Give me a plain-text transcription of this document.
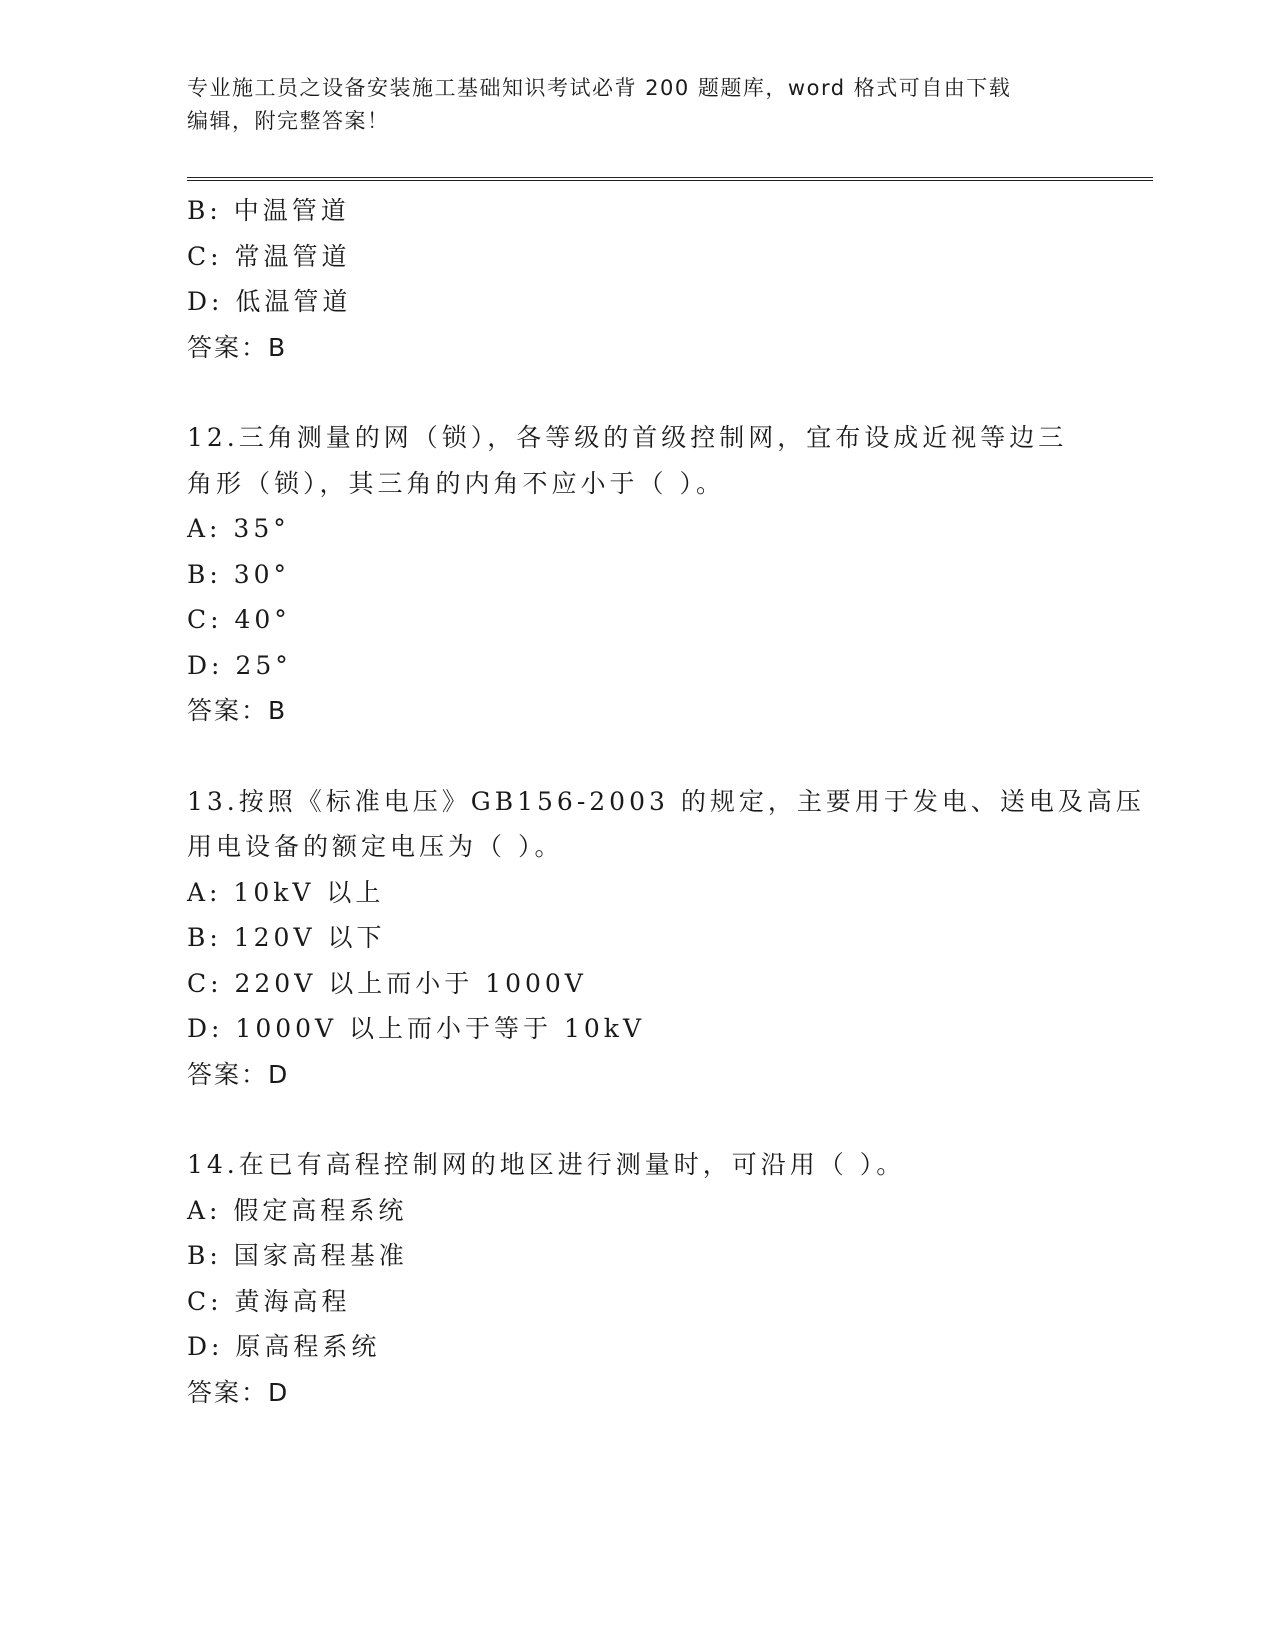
专业施工员之设备安装施工基础知识考试必背 200 题题库，word 格式可自由下载
编辑，附完整答案！
B: 中温管道
C: 常温管道
D: 低温管道
答案：B
12.三角测量的网（锁），各等级的首级控制网，宜布设成近视等边三
角形（锁），其三角的内角不应小于（ ）。
A: 35°
B: 30°
C: 40°
D: 25°
答案：B
13.按照《标准电压》GB156-2003 的规定，主要用于发电、送电及高压
用电设备的额定电压为（ ）。
A: 10kV 以上
B: 120V 以下
C: 220V 以上而小于 1000V
D: 1000V 以上而小于等于 10kV
答案：D
14.在已有高程控制网的地区进行测量时，可沿用（ ）。
A: 假定高程系统
B: 国家高程基准
C: 黄海高程
D: 原高程系统
答案：D
